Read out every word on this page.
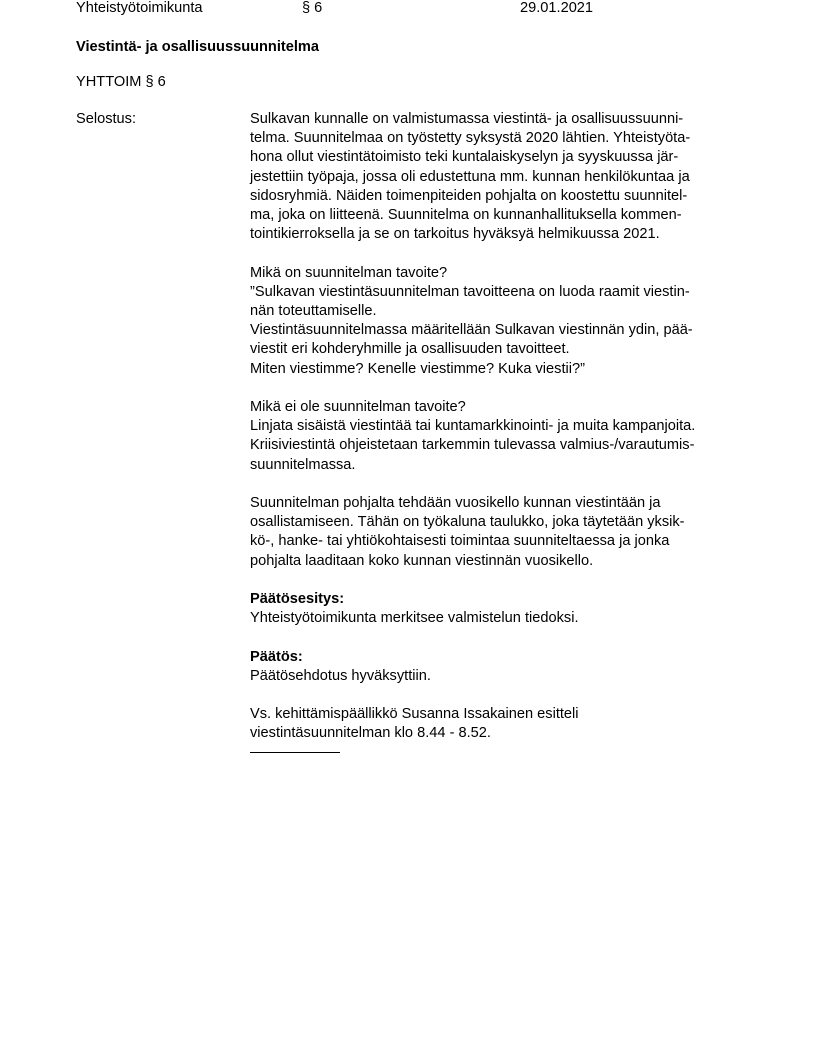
Yhteistyötoimikunta	§ 6	29.01.2021
Viestintä- ja osallisuussuunnitelma
YHTTOIM § 6
Selostus:	Sulkavan kunnalle on valmistumassa viestintä- ja osallisuussuunni-
telma. Suunnitelmaa on työstetty syksystä 2020 lähtien. Yhteistyöta-
hona ollut viestintätoimisto teki kuntalaiskyselyn ja syyskuussa jär-
jestettiin työpaja, jossa oli edustettuna mm. kunnan henkilökuntaa ja
sidosryhmiä. Näiden toimenpiteiden pohjalta on koostettu suunnitel-
ma, joka on liitteenä. Suunnitelma on kunnanhallituksella kommen-
tointikierroksella ja se on tarkoitus hyväksyä helmikuussa 2021.
Mikä on suunnitelman tavoite?
”Sulkavan viestintäsuunnitelman tavoitteena on luoda raamit viestin-
nän toteuttamiselle.
Viestintäsuunnitelmassa määritellään Sulkavan viestinnän ydin, pää-
viestit eri kohderyhmille ja osallisuuden tavoitteet.
Miten viestimme? Kenelle viestimme? Kuka viestii?”
Mikä ei ole suunnitelman tavoite?
Linjata sisäistä viestintää tai kuntamarkkinointi- ja muita kampanjoita.
Kriisiviestintä ohjeistetaan tarkemmin tulevassa valmius-/varautumis-
suunnitelmassa.
Suunnitelman pohjalta tehdään vuosikello kunnan viestintään ja
osallistamiseen. Tähän on työkaluna taulukko, joka täytetään yksik-
kö-, hanke- tai yhtiökohtaisesti toimintaa suunniteltaessa ja jonka
pohjalta laaditaan koko kunnan viestinnän vuosikello.
Päätösesitys:
Yhteistyötoimikunta merkitsee valmistelun tiedoksi.
Päätös:
Päätösehdotus hyväksyttiin.
Vs. kehittämispäällikkö Susanna Issakainen esitteli
viestintäsuunnitelman klo 8.44 - 8.52.
